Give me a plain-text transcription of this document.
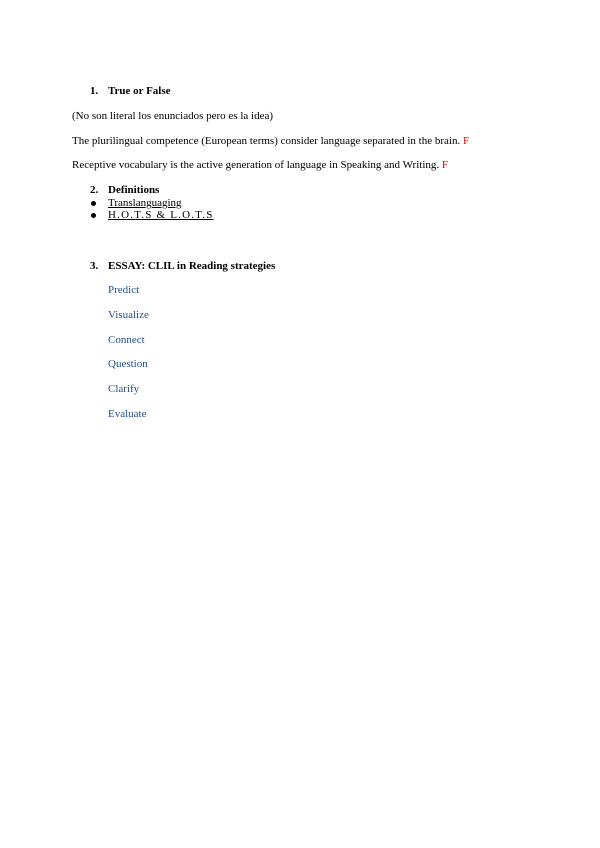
1. True or False
(No son literal los enunciados pero es la idea)
The plurilingual competence (European terms) consider language separated in the brain. F
Receptive vocabulary is the active generation of language in Speaking and Writing. F
2. Definitions
Translanguaging
H.O.T.S & L.O.T.S
3. ESSAY: CLIL in Reading strategies
Predict
Visualize
Connect
Question
Clarify
Evaluate
